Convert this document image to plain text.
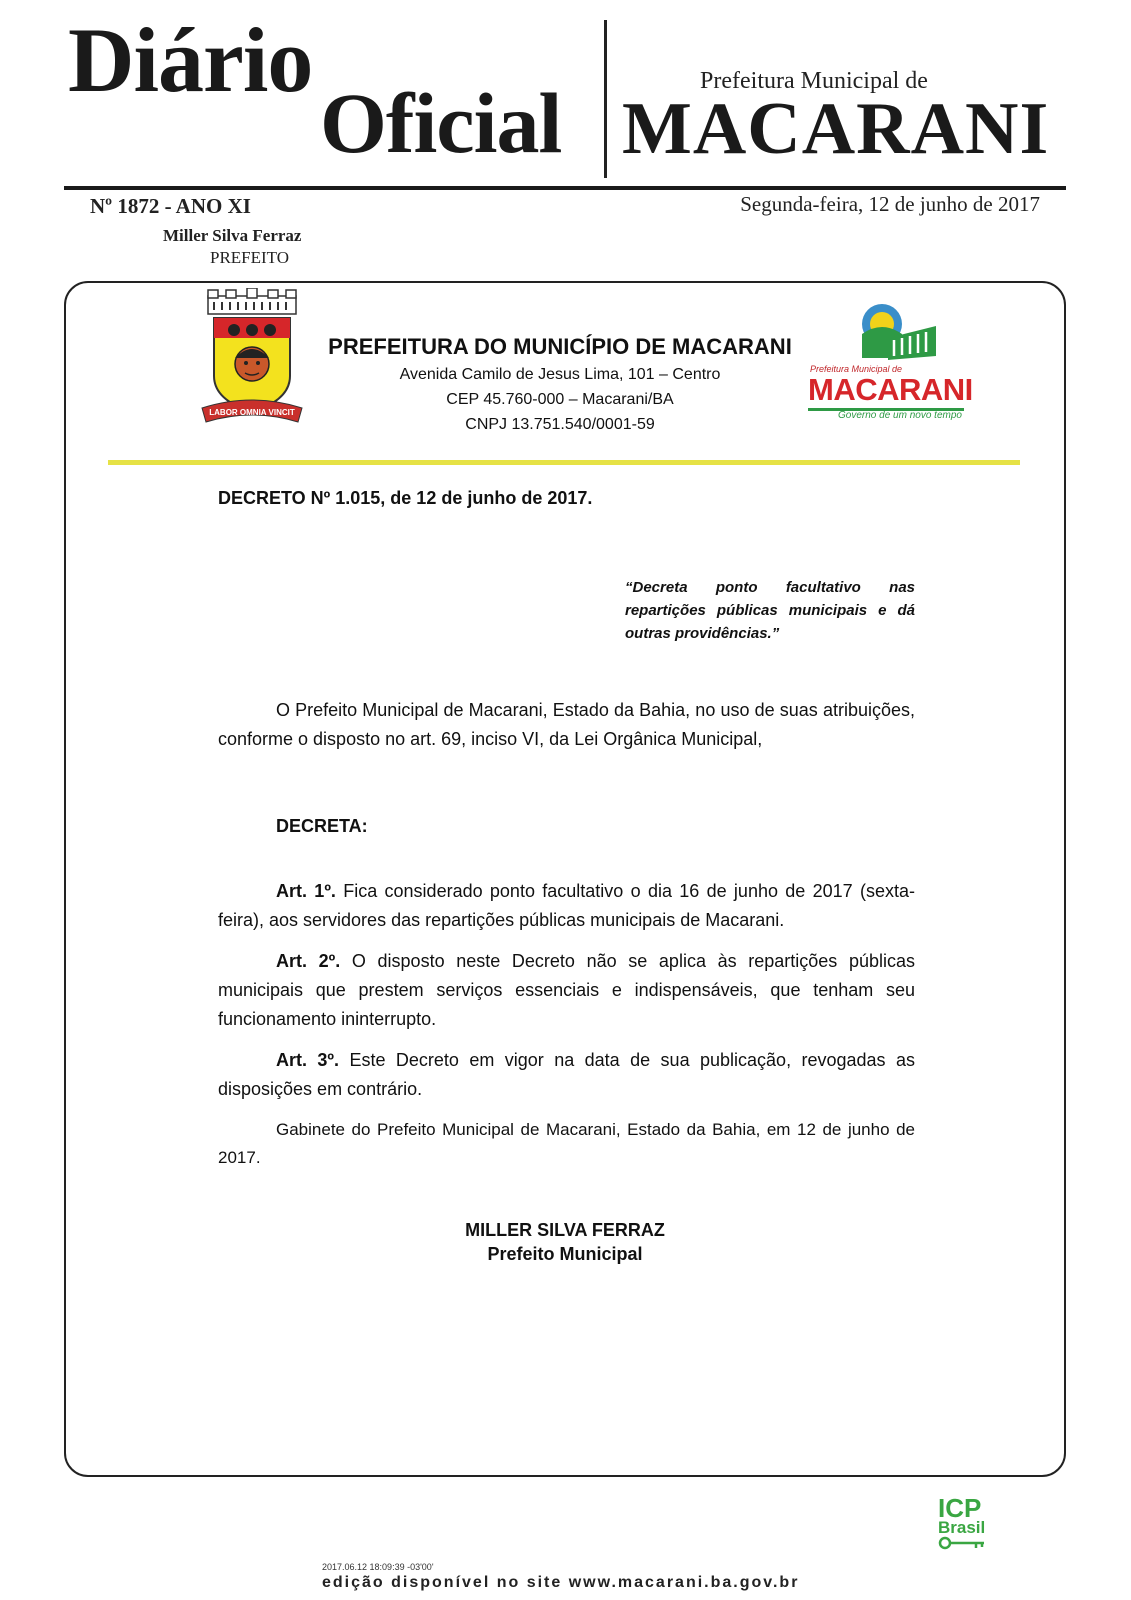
Diário
Oficial	Prefeitura Municipal de
MACARANI
Nº 1872 - ANO XI	Segunda-feira, 12 de junho de 2017
Miller Silva Ferraz
PREFEITO
LABOR OMNIA VINCIT
PREFEITURA DO MUNICÍPIO DE MACARANI
Avenida Camilo de Jesus Lima, 101 – Centro
CEP 45.760-000 – Macarani/BA
CNPJ 13.751.540/0001-59
Prefeitura Municipal de
MACARANI
Governo de um novo tempo
DECRETO Nº 1.015, de 12 de junho de 2017.
“Decreta ponto facultativo nas repartições públicas municipais e dá outras providências.”
O Prefeito Municipal de Macarani, Estado da Bahia, no uso de suas atribuições, conforme o disposto no art. 69, inciso VI, da Lei Orgânica Municipal,
DECRETA:
Art. 1º. Fica considerado ponto facultativo o dia 16 de junho de 2017 (sexta-feira), aos servidores das repartições públicas municipais de Macarani.
Art. 2º. O disposto neste Decreto não se aplica às repartições públicas municipais que prestem serviços essenciais e indispensáveis, que tenham seu funcionamento ininterrupto.
Art. 3º. Este Decreto em vigor na data de sua publicação, revogadas as disposições em contrário.
Gabinete do Prefeito Municipal de Macarani, Estado da Bahia, em 12 de junho de 2017.
MILLER SILVA FERRAZ
Prefeito Municipal
ICP
Brasil
2017.06.12 18:09:39 -03'00'
edição disponível no site www.macarani.ba.gov.br
